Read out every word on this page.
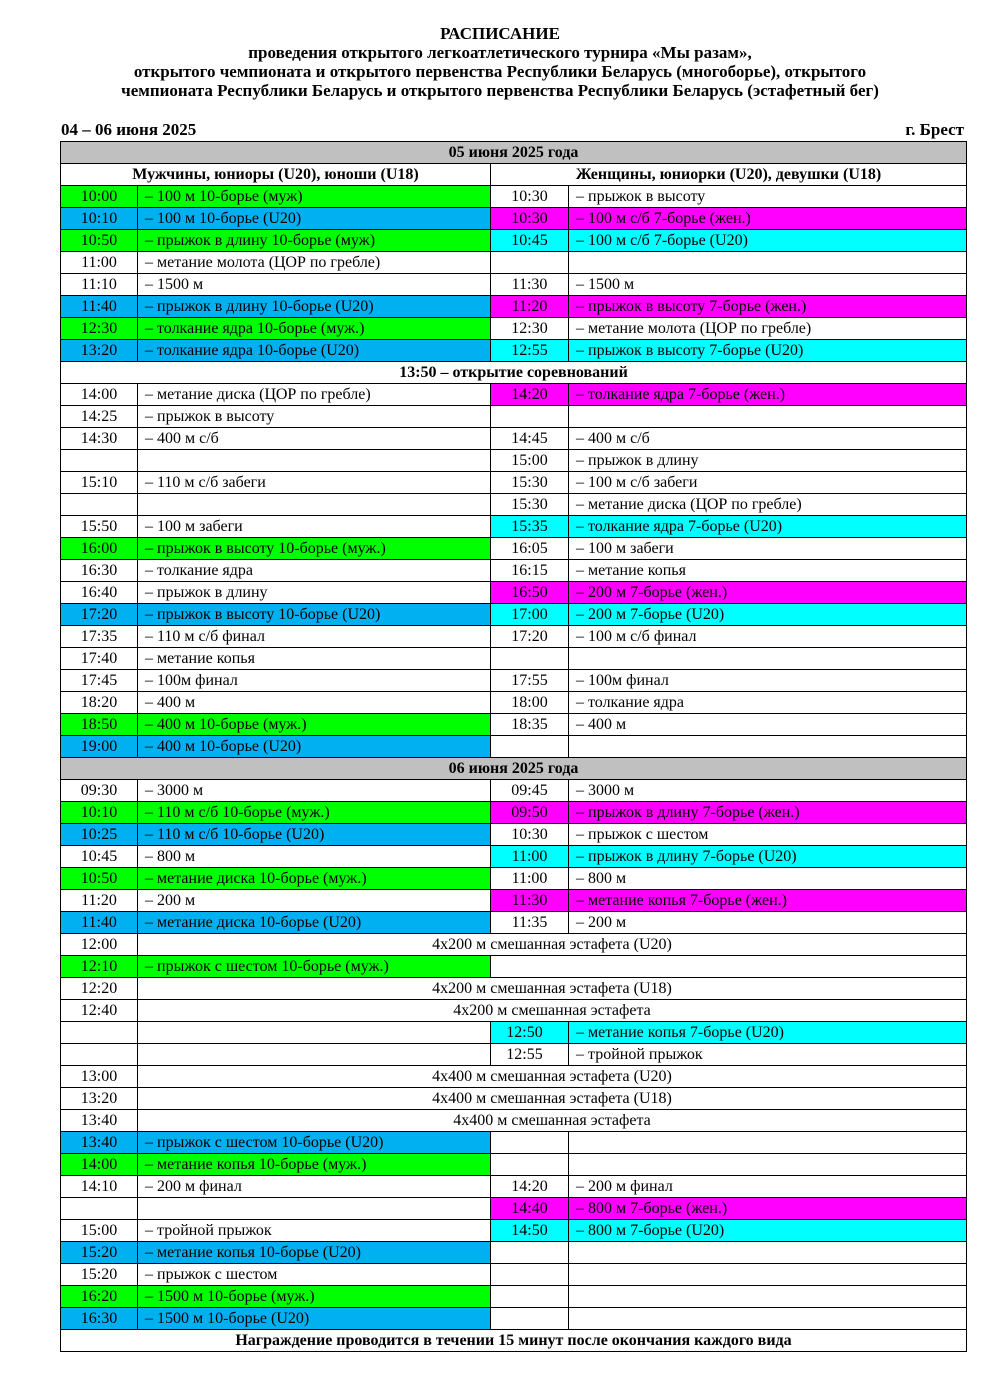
РАСПИСАНИЕ
проведения открытого легкоатлетического турнира «Мы разам»,
открытого чемпионата и открытого первенства Республики Беларусь (многоборье), открытого
чемпионата Республики Беларусь и открытого первенства Республики Беларусь (эстафетный бег)
04 – 06 июня 2025	г. Брест
05 июня 2025 года			
Мужчины, юниоры (U20), юноши (U18)		Женщины, юниорки (U20), девушки (U18)	
10:00	– 100 м 10-борье (муж)	10:30	– прыжок в высоту
10:10	– 100 м 10-борье (U20)	10:30	– 100 м с/б 7-борье (жен.)
10:50	– прыжок в длину 10-борье (муж)	10:45	– 100 м с/б 7-борье (U20)
11:00	– метание молота (ЦОР по гребле)		
11:10	– 1500 м	11:30	– 1500 м
11:40	– прыжок в длину 10-борье (U20)	11:20	– прыжок в высоту 7-борье (жен.)
12:30	– толкание ядра 10-борье (муж.)	12:30	– метание молота (ЦОР по гребле)
13:20	– толкание ядра 10-борье (U20)	12:55	– прыжок в высоту 7-борье (U20)
13:50 – открытие соревнований			
14:00	– метание диска (ЦОР по гребле)	14:20	– толкание ядра 7-борье (жен.)
14:25	– прыжок в высоту		
14:30	– 400 м с/б	14:45	– 400 м с/б
		15:00	– прыжок в длину
15:10	– 110 м с/б забеги	15:30	– 100 м с/б забеги
		15:30	– метание диска (ЦОР по гребле)
15:50	– 100 м забеги	15:35	– толкание ядра 7-борье (U20)
16:00	– прыжок в высоту 10-борье (муж.)	16:05	– 100 м забеги
16:30	– толкание ядра	16:15	– метание копья
16:40	– прыжок в длину	16:50	– 200 м 7-борье (жен.)
17:20	– прыжок в высоту 10-борье (U20)	17:00	– 200 м 7-борье (U20)
17:35	– 110 м с/б финал	17:20	– 100 м с/б финал
17:40	– метание копья		
17:45	– 100м финал	17:55	– 100м финал
18:20	– 400 м	18:00	– толкание ядра
18:50	– 400 м 10-борье (муж.)	18:35	– 400 м
19:00	– 400 м 10-борье (U20)		
06 июня 2025 года			
09:30	– 3000 м	09:45	– 3000 м
10:10	– 110 м с/б 10-борье (муж.)	09:50	– прыжок в длину 7-борье (жен.)
10:25	– 110 м с/б 10-борье (U20)	10:30	– прыжок с шестом
10:45	– 800 м	11:00	– прыжок в длину 7-борье (U20)
10:50	– метание диска 10-борье (муж.)	11:00	– 800 м
11:20	– 200 м	11:30	– метание копья 7-борье (жен.)
11:40	– метание диска 10-борье (U20)	11:35	– 200 м
12:00	4х200 м смешанная эстафета (U20)		
12:10	– прыжок с шестом 10-борье (муж.)		
12:20	4х200 м смешанная эстафета (U18)		
12:40	4х200 м смешанная эстафета		
		12:50	– метание копья 7-борье (U20)
		12:55	– тройной прыжок
13:00	4х400 м смешанная эстафета (U20)		
13:20	4х400 м смешанная эстафета (U18)		
13:40	4х400 м смешанная эстафета		
13:40	– прыжок с шестом 10-борье (U20)		
14:00	– метание копья 10-борье (муж.)		
14:10	– 200 м финал	14:20	– 200 м финал
		14:40	– 800 м 7-борье (жен.)
15:00	– тройной прыжок	14:50	– 800 м 7-борье (U20)
15:20	– метание копья 10-борье (U20)		
15:20	– прыжок с шестом		
16:20	– 1500 м 10-борье (муж.)		
16:30	– 1500 м 10-борье (U20)		
Награждение проводится в течении 15 минут после окончания каждого вида			
